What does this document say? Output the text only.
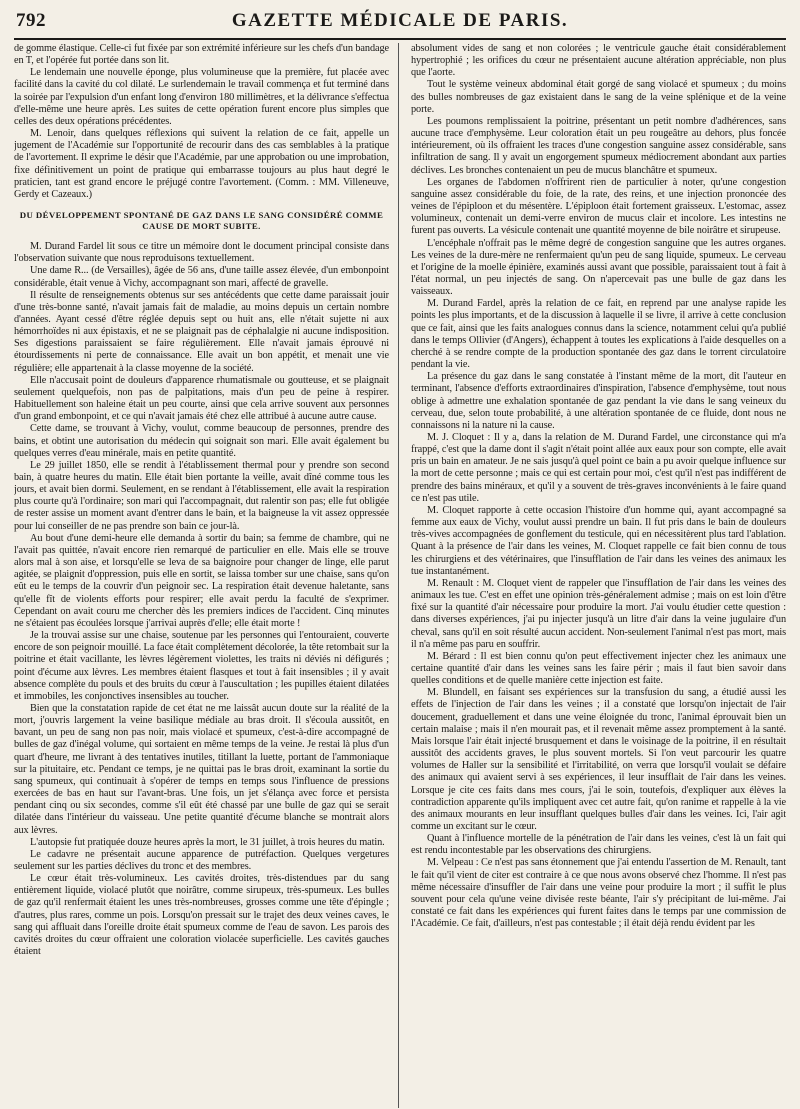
GAZETTE MÉDICALE DE PARIS.
792

de gomme élastique. Celle-ci fut fixée par son extrémité inférieure sur les chefs d'un bandage en T, et l'opérée fut portée dans son lit.

Le lendemain une nouvelle éponge, plus volumineuse que la première, fut placée avec facilité dans la cavité du col dilaté. Le surlendemain le travail commença et fut terminé dans la soirée par l'expulsion d'un enfant long d'environ 180 millimètres, et la délivrance s'effectua d'elle-même une heure après. Les suites de cette opération furent encore plus simples que celles des deux opérations précédentes.

M. Lenoir, dans quelques réflexions qui suivent la relation de ce fait, appelle un jugement de l'Académie sur l'opportunité de recourir dans des cas semblables à la pratique de l'avortement. Il exprime le désir que l'Académie, par une approbation ou une improbation, fixe définitivement un point de pratique qui embarrasse toujours au plus haut degré le praticien, tant est grand encore le préjugé contre l'avortement. (Comm. : MM. Villeneuve, Gerdy et Cazeaux.)

DU DÉVELOPPEMENT SPONTANÉ DE GAZ DANS LE SANG CONSIDÉRÉ COMME CAUSE DE MORT SUBITE.

M. Durand Fardel lit sous ce titre un mémoire dont le document principal consiste dans l'observation suivante que nous reproduisons textuellement.

Une dame R... (de Versailles), âgée de 56 ans, d'une taille assez élevée, d'un embonpoint considérable, était venue à Vichy, accompagnant son mari, affecté de gravelle.

Il résulte de renseignements obtenus sur ses antécédents que cette dame paraissait jouir d'une très-bonne santé, n'avait jamais fait de maladie, au moins depuis un certain nombre d'années. Ayant cessé d'être réglée depuis sept ou huit ans, elle n'était sujette ni aux hémorrhoïdes ni aux épistaxis, et ne se plaignait pas de céphalalgie ni aucune indisposition. Ses digestions paraissaient se faire régulièrement. Elle n'avait jamais éprouvé ni étourdissements ni perte de connaissance. Elle avait un bon appétit, et menait une vie régulière; elle appartenait à la classe moyenne de la société.

Elle n'accusait point de douleurs d'apparence rhumatismale ou goutteuse, et se plaignait seulement quelquefois, non pas de palpitations, mais d'un peu de peine à respirer. Habituellement son haleine était un peu courte, ainsi que cela arrive souvent aux personnes d'un grand embonpoint, et ce qui n'avait jamais été chez elle attribué à aucune autre cause.

Cette dame, se trouvant à Vichy, voulut, comme beaucoup de personnes, prendre des bains, et obtint une autorisation du médecin qui soignait son mari. Elle avait également bu quelques verres d'eau minérale, mais en petite quantité.

Le 29 juillet 1850, elle se rendit à l'établissement thermal pour y prendre son second bain, à quatre heures du matin. Elle était bien portante la veille, avait dîné comme tous les jours, et avait bien dormi. Seulement, en se rendant à l'établissement, elle avait la respiration plus courte qu'à l'ordinaire; son mari qui l'accompagnait, dut ralentir son pas; elle fut obligée de rester assise un moment avant d'entrer dans le bain, et la baigneuse la vit assez oppressée pour lui conseiller de ne pas prendre son bain ce jour-là.

Au bout d'une demi-heure elle demanda à sortir du bain; sa femme de chambre, qui ne l'avait pas quittée, n'avait encore rien remarqué de particulier en elle. Mais elle se trouve alors mal à son aise, et lorsqu'elle se leva de sa baignoire pour changer de linge, elle parut agitée, se plaignit d'oppression, puis elle en sortit, se laissa tomber sur une chaise, sans qu'on eût eu le temps de la couvrir d'un peignoir sec. La respiration était devenue haletante, sans qu'elle fît de violents efforts pour respirer; elle avait perdu la faculté de s'exprimer. Cependant on avait couru me chercher dès les premiers indices de l'accident. Cinq minutes ne s'étaient pas écoulées lorsque j'arrivai auprès d'elle; elle était morte !

Je la trouvai assise sur une chaise, soutenue par les personnes qui l'entouraient, couverte encore de son peignoir mouillé. La face était complètement décolorée, la tête retombait sur la poitrine et était vacillante, les lèvres légèrement violettes, les traits ni déviés ni défigurés ; point d'écume aux lèvres. Les membres étaient flasques et tout à fait insensibles ; il y avait absence complète du pouls et des bruits du cœur à l'auscultation ; les pupilles étaient dilatées et immobiles, les conjonctives insensibles au toucher.

Bien que la constatation rapide de cet état ne me laissât aucun doute sur la réalité de la mort, j'ouvris largement la veine basilique médiale au bras droit. Il s'écoula aussitôt, en bavant, un peu de sang non pas noir, mais violacé et spumeux, c'est-à-dire accompagné de bulles de gaz d'inégal volume, qui sortaient en même temps de la veine. Je restai là plus d'un quart d'heure, me livrant à des tentatives inutiles, titillant la luette, portant de l'ammoniaque sur la pituitaire, etc. Pendant ce temps, je ne quittai pas le bras droit, examinant la sortie du sang spumeux, qui continuait à s'opérer de temps en temps sous l'influence de pressions exercées de bas en haut sur l'avant-bras. Une fois, un jet s'élança avec force et persista pendant cinq ou six secondes, comme s'il eût été chassé par une bulle de gaz qui se serait dilatée dans l'intérieur du vaisseau. Une petite quantité d'écume blanche se montrait alors aux lèvres.

L'autopsie fut pratiquée douze heures après la mort, le 31 juillet, à trois heures du matin.

Le cadavre ne présentait aucune apparence de putréfaction. Quelques vergetures seulement sur les parties déclives du tronc et des membres.

Le cœur était très-volumineux. Les cavités droites, très-distendues par du sang entièrement liquide, violacé plutôt que noirâtre, comme sirupeux, très-spumeux. Les bulles de gaz qu'il renfermait étaient les unes très-nombreuses, grosses comme une tête d'épingle ; d'autres, plus rares, comme un pois. Lorsqu'on pressait sur le trajet des deux veines caves, le sang qui affluait dans l'oreille droite était spumeux comme de l'eau de savon. Les parois des cavités droites du cœur offraient une coloration violacée superficielle. Les cavités gauches étaient

absolument vides de sang et non colorées ; le ventricule gauche était considérablement hypertrophié ; les orifices du cœur ne présentaient aucune altération appréciable, non plus que l'aorte.

Tout le système veineux abdominal était gorgé de sang violacé et spumeux ; du moins des bulles nombreuses de gaz existaient dans le sang de la veine splénique et de la veine porte.

Les poumons remplissaient la poitrine, présentant un petit nombre d'adhérences, sans aucune trace d'emphysème. Leur coloration était un peu rougeâtre au dehors, plus foncée intérieurement, où ils offraient les traces d'une congestion sanguine assez considérable, sans infiltration de sang. Il y avait un engorgement spumeux médiocrement abondant aux parties déclives. Les bronches contenaient un peu de mucus blanchâtre et spumeux.

Les organes de l'abdomen n'offrirent rien de particulier à noter, qu'une congestion sanguine assez considérable du foie, de la rate, des reins, et une injection prononcée des veines de l'épiploon et du mésentère. L'épiploon était fortement graisseux. L'estomac, assez volumineux, contenait un demi-verre environ de mucus clair et incolore. Les intestins ne furent pas ouverts. La vésicule contenait une quantité moyenne de bile noirâtre et sirupeuse.

L'encéphale n'offrait pas le même degré de congestion sanguine que les autres organes. Les veines de la dure-mère ne renfermaient qu'un peu de sang liquide, spumeux. Le cerveau et l'origine de la moelle épinière, examinés aussi avant que possible, paraissaient tout à fait à l'état normal, un peu injectés de sang. On n'apercevait pas une bulle de gaz dans les vaisseaux.

M. Durand Fardel, après la relation de ce fait, en reprend par une analyse rapide les points les plus importants, et de la discussion à laquelle il se livre, il arrive à cette conclusion que ce fait, ainsi que les faits analogues connus dans la science, notamment celui qu'a publié dans le temps Ollivier (d'Angers), échappent à toutes les explications à l'aide desquelles on a cherché à se rendre compte de la production spontanée des gaz dans le torrent circulatoire pendant la vie.

La présence du gaz dans le sang constatée à l'instant même de la mort, dit l'auteur en terminant, l'absence d'efforts extraordinaires d'inspiration, l'absence d'emphysème, tout nous oblige à admettre une exhalation spontanée de gaz pendant la vie dans le sang veineux du cerveau, due, selon toute probabilité, à une altération spontanée de ce fluide, dont nous ne connaissons ni la nature ni la cause.

M. J. Cloquet : Il y a, dans la relation de M. Durand Fardel, une circonstance qui m'a frappé, c'est que la dame dont il s'agit n'était point allée aux eaux pour son compte, elle avait pris un bain en amateur. Je ne sais jusqu'à quel point ce bain a pu avoir quelque influence sur la mort de cette personne ; mais ce qui est certain pour moi, c'est qu'il n'est pas indifférent de prendre des bains minéraux, et qu'il y a souvent de très-graves inconvénients à le faire quand ce n'est pas utile.

M. Cloquet rapporte à cette occasion l'histoire d'un homme qui, ayant accompagné sa femme aux eaux de Vichy, voulut aussi prendre un bain. Il fut pris dans le bain de douleurs très-vives accompagnées de gonflement du testicule, qui en nécessitèrent plus tard l'ablation. Quant à la présence de l'air dans les veines, M. Cloquet rappelle ce fait bien connu de tous les chirurgiens et des vétérinaires, que l'insufflation de l'air dans les veines des animaux les tue instantanément.

M. Renault : M. Cloquet vient de rappeler que l'insufflation de l'air dans les veines des animaux les tue. C'est en effet une opinion très-généralement admise ; mais on est loin d'être fixé sur la quantité d'air nécessaire pour produire la mort. J'ai voulu étudier cette question : dans diverses expériences, j'ai pu injecter jusqu'à un litre d'air dans la veine jugulaire d'un cheval, sans qu'il en soit résulté aucun accident. Non-seulement l'animal n'est pas mort, mais il n'a même pas paru en souffrir.

M. Bérard : Il est bien connu qu'on peut effectivement injecter chez les animaux une certaine quantité d'air dans les veines sans les faire périr ; mais il faut bien savoir dans quelles conditions et de quelle manière cette injection est faite.

M. Blundell, en faisant ses expériences sur la transfusion du sang, a étudié aussi les effets de l'injection de l'air dans les veines ; il a constaté que lorsqu'on injectait de l'air doucement, graduellement et dans une veine éloignée du tronc, l'animal éprouvait bien un certain malaise ; mais il n'en mourait pas, et il revenait même assez promptement à la santé. Mais lorsque l'air était injecté brusquement et dans le voisinage de la poitrine, il en résultait aussitôt des accidents graves, le plus souvent mortels. Si l'on veut parcourir les quatre volumes de Haller sur la sensibilité et l'irritabilité, on verra que lorsqu'il voulait se défaire des animaux qui avaient servi à ses expériences, il leur insufflait de l'air dans les veines. Lorsque je cite ces faits dans mes cours, j'ai le soin, toutefois, d'expliquer aux élèves la contradiction apparente qu'ils impliquent avec cet autre fait, qu'on ranime et rappelle à la vie des animaux mourants en leur insufflant quelques bulles d'air dans les veines. Ici, l'air agit comme un excitant sur le cœur.

Quant à l'influence mortelle de la pénétration de l'air dans les veines, c'est là un fait qui est rendu incontestable par les observations des chirurgiens.

M. Velpeau : Ce n'est pas sans étonnement que j'ai entendu l'assertion de M. Renault, tant le fait qu'il vient de citer est contraire à ce que nous avons observé chez l'homme. Il n'est pas même nécessaire d'insuffler de l'air dans une veine pour produire la mort ; il suffit le plus souvent pour cela qu'une veine divisée reste béante, l'air s'y précipitant de lui-même. J'ai constaté ce fait dans les expériences qui furent faites dans le temps par une commission de l'Académie. Ce fait, d'ailleurs, n'est pas contestable ; il était déjà rendu évident par les
